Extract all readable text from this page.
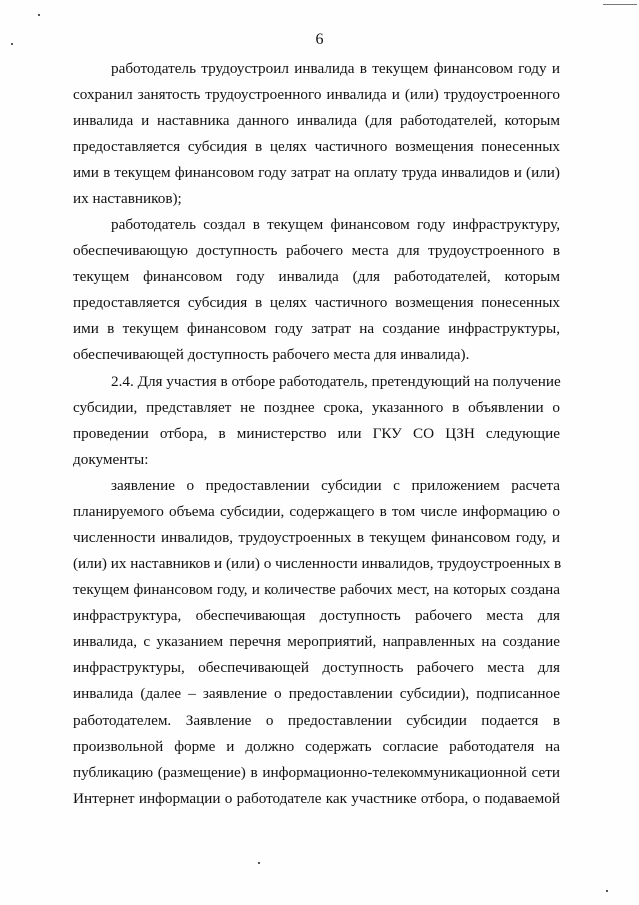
6
работодатель трудоустроил инвалида в текущем финансовом году и
сохранил занятость трудоустроенного инвалида и (или) трудоустроенного
инвалида и наставника данного инвалида (для работодателей, которым
предоставляется субсидия в целях частичного возмещения понесенных
ими в текущем финансовом году затрат на оплату труда инвалидов и (или)
их наставников);
работодатель создал в текущем финансовом году инфраструктуру,
обеспечивающую доступность рабочего места для трудоустроенного в
текущем финансовом году инвалида (для работодателей, которым
предоставляется субсидия в целях частичного возмещения понесенных
ими в текущем финансовом году затрат на создание инфраструктуры,
обеспечивающей доступность рабочего места для инвалида).
2.4. Для участия в отборе работодатель, претендующий на получение
субсидии, представляет не позднее срока, указанного в объявлении о
проведении отбора, в министерство или ГКУ СО ЦЗН следующие
документы:
заявление о предоставлении субсидии с приложением расчета
планируемого объема субсидии, содержащего в том числе информацию о
численности инвалидов, трудоустроенных в текущем финансовом году, и
(или) их наставников и (или) о численности инвалидов, трудоустроенных в
текущем финансовом году, и количестве рабочих мест, на которых создана
инфраструктура, обеспечивающая доступность рабочего места для
инвалида, с указанием перечня мероприятий, направленных на создание
инфраструктуры, обеспечивающей доступность рабочего места для
инвалида (далее – заявление о предоставлении субсидии), подписанное
работодателем. Заявление о предоставлении субсидии подается в
произвольной форме и должно содержать согласие работодателя на
публикацию (размещение) в информационно-телекоммуникационной сети
Интернет информации о работодателе как участнике отбора, о подаваемой
